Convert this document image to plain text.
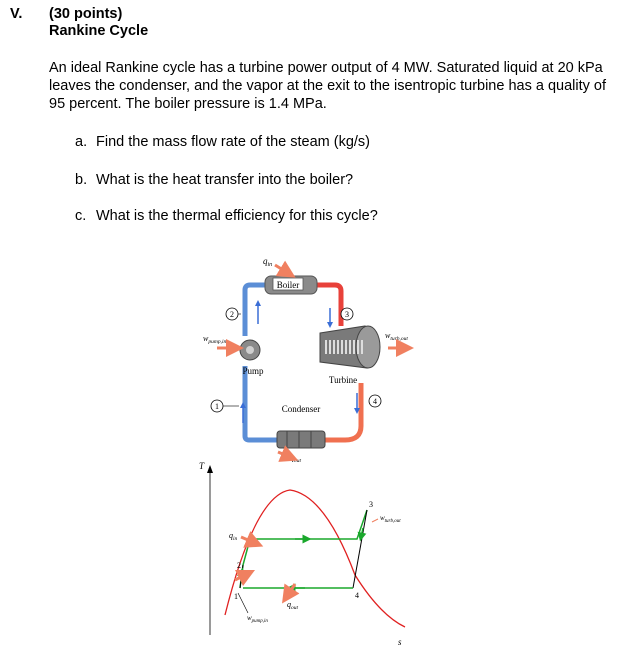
V. (30 points)
Rankine Cycle
An ideal Rankine cycle has a turbine power output of 4 MW. Saturated liquid at 20 kPa leaves the condenser, and the vapor at the exit to the isentropic turbine has a quality of 95 percent. The boiler pressure is 1.4 MPa.
a. Find the mass flow rate of the steam (kg/s)
b. What is the heat transfer into the boiler?
c. What is the thermal efficiency for this cycle?
Boiler
$q_{in}$
Turbine
$w_{turb,out}$
Pump
$w_{pump,in}$
Condenser
$q_{out}$
2	3
1
4
T
s
3
4
1
2
$q_{in}$
$w_{turb,out}$
$q_{out}$
$w_{pump,in}$
